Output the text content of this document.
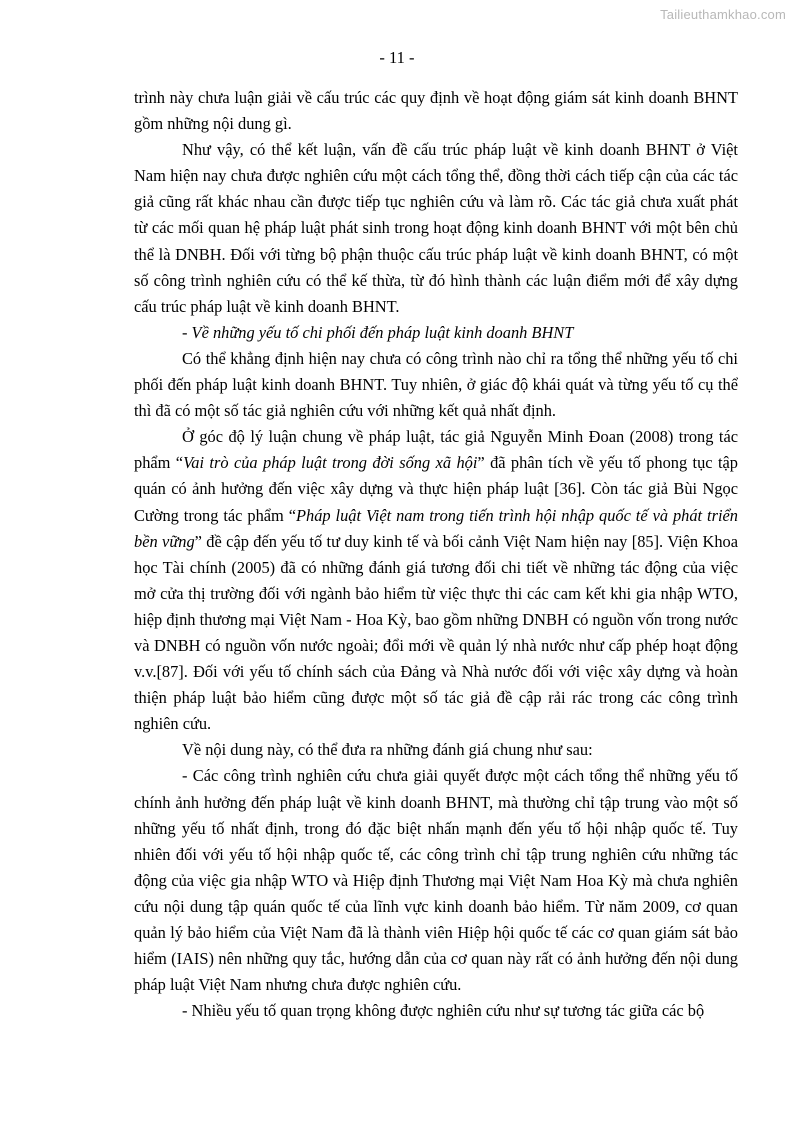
Tailieuthamkhao.com
- 11 -

trình này chưa luận giải về cấu trúc các quy định về hoạt động giám sát kinh doanh BHNT gồm những nội dung gì.

Như vậy, có thể kết luận, vấn đề cấu trúc pháp luật về kinh doanh BHNT ở Việt Nam hiện nay chưa được nghiên cứu một cách tổng thể, đồng thời cách tiếp cận của các tác giả cũng rất khác nhau cần được tiếp tục nghiên cứu và làm rõ. Các tác giả chưa xuất phát từ các mối quan hệ pháp luật phát sinh trong hoạt động kinh doanh BHNT với một bên chủ thể là DNBH. Đối với từng bộ phận thuộc cấu trúc pháp luật về kinh doanh BHNT, có một số công trình nghiên cứu có thể kế thừa, từ đó hình thành các luận điểm mới để xây dựng cấu trúc pháp luật về kinh doanh BHNT.

- Về những yếu tố chi phối đến pháp luật kinh doanh BHNT

Có thể khẳng định hiện nay chưa có công trình nào chỉ ra tổng thể những yếu tố chi phối đến pháp luật kinh doanh BHNT. Tuy nhiên, ở giác độ khái quát và từng yếu tố cụ thể thì đã có một số tác giả nghiên cứu với những kết quả nhất định.

Ở góc độ lý luận chung về pháp luật, tác giả Nguyễn Minh Đoan (2008) trong tác phẩm “Vai trò của pháp luật trong đời sống xã hội” đã phân tích về yếu tố phong tục tập quán có ảnh hưởng đến việc xây dựng và thực hiện pháp luật [36]. Còn tác giả Bùi Ngọc Cường trong tác phẩm “Pháp luật Việt nam trong tiến trình hội nhập quốc tế và phát triển bền vững” đề cập đến yếu tố tư duy kinh tế và bối cảnh Việt Nam hiện nay [85]. Viện Khoa học Tài chính (2005) đã có những đánh giá tương đối chi tiết về những tác động của việc mở cửa thị trường đối với ngành bảo hiểm từ việc thực thi các cam kết khi gia nhập WTO, hiệp định thương mại Việt Nam - Hoa Kỳ, bao gồm những DNBH có nguồn vốn trong nước và DNBH có nguồn vốn nước ngoài; đổi mới về quản lý nhà nước như cấp phép hoạt động v.v.[87]. Đối với yếu tố chính sách của Đảng và Nhà nước đối với việc xây dựng và hoàn thiện pháp luật bảo hiểm cũng được một số tác giả đề cập rải rác trong các công trình nghiên cứu.

Về nội dung này, có thể đưa ra những đánh giá chung như sau:

- Các công trình nghiên cứu chưa giải quyết được một cách tổng thể những yếu tố chính ảnh hưởng đến pháp luật về kinh doanh BHNT, mà thường chỉ tập trung vào một số những yếu tố nhất định, trong đó đặc biệt nhấn mạnh đến yếu tố hội nhập quốc tế. Tuy nhiên đối với yếu tố hội nhập quốc tế, các công trình chỉ tập trung nghiên cứu những tác động của việc gia nhập WTO và Hiệp định Thương mại Việt Nam Hoa Kỳ mà chưa nghiên cứu nội dung tập quán quốc tế của lĩnh vực kinh doanh bảo hiểm. Từ năm 2009, cơ quan quản lý bảo hiểm của Việt Nam đã là thành viên Hiệp hội quốc tế các cơ quan giám sát bảo hiểm (IAIS) nên những quy tắc, hướng dẫn của cơ quan này rất có ảnh hưởng đến nội dung pháp luật Việt Nam nhưng chưa được nghiên cứu.

- Nhiều yếu tố quan trọng không được nghiên cứu như sự tương tác giữa các bộ
